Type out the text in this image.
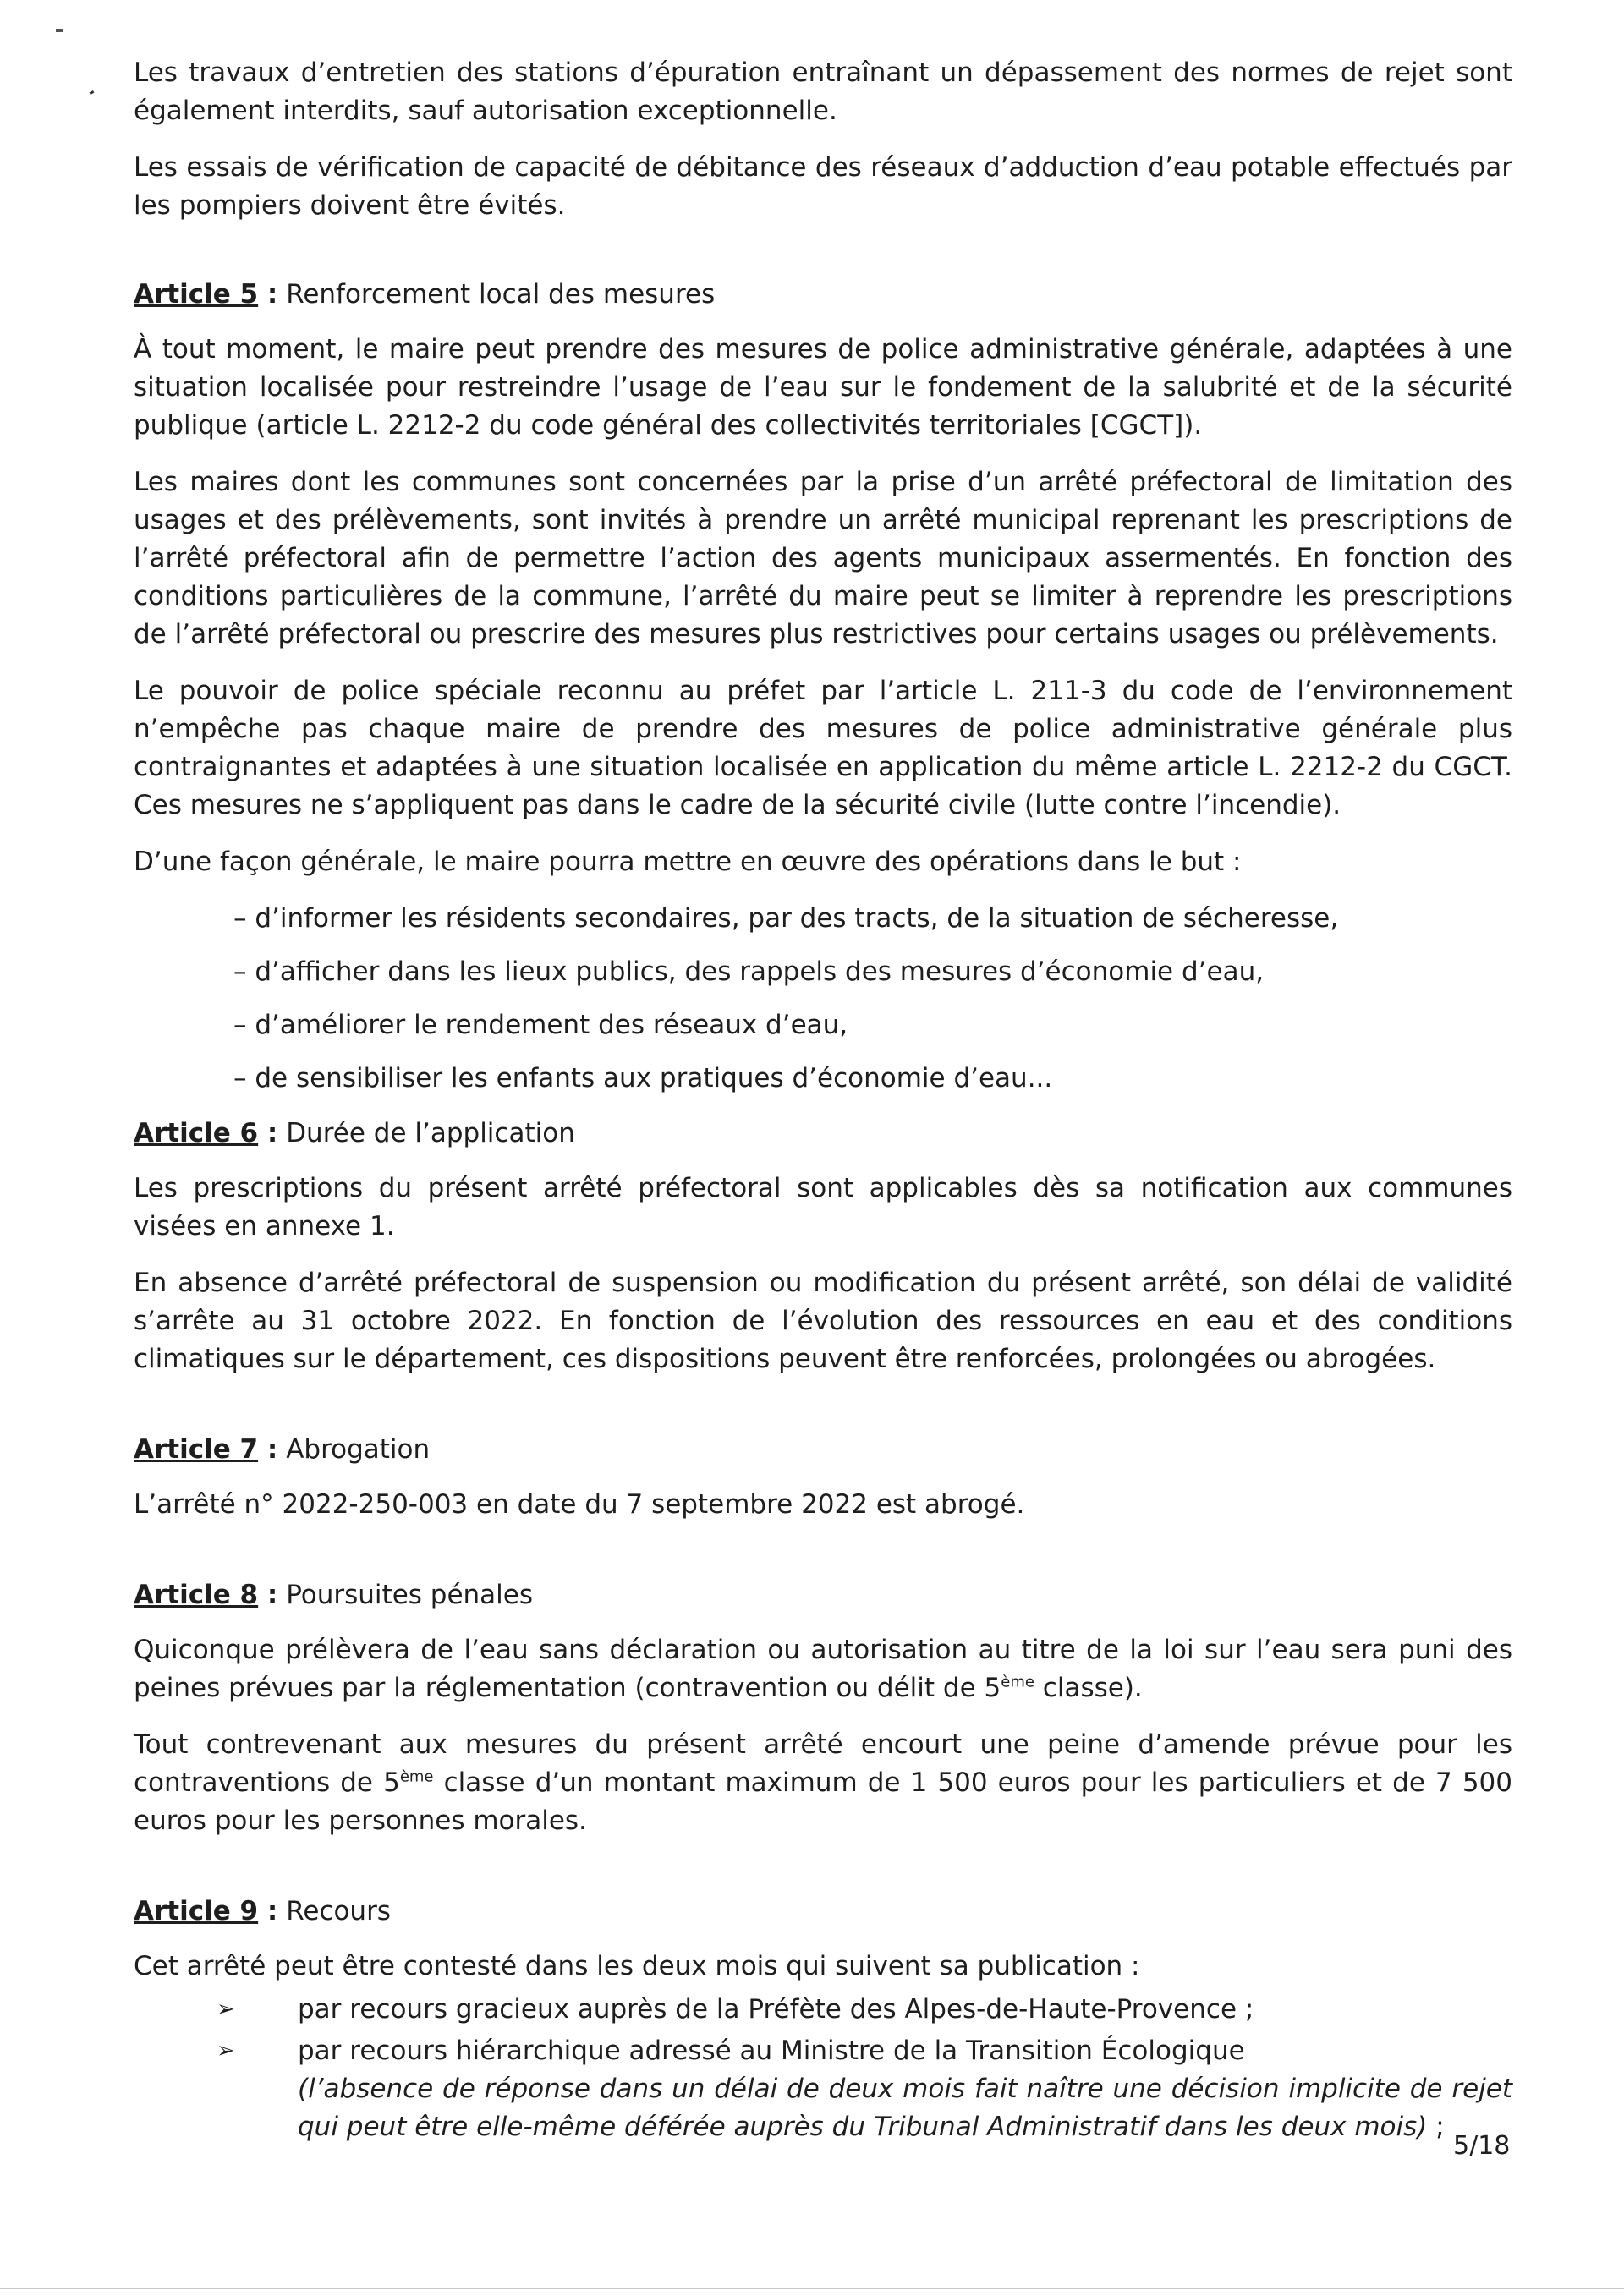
Les travaux d’entretien des stations d’épuration entraînant un dépassement des normes de rejet sont également interdits, sauf autorisation exceptionnelle.

Les essais de vérification de capacité de débitance des réseaux d’adduction d’eau potable effectués par les pompiers doivent être évités.

Article 5 : Renforcement local des mesures

À tout moment, le maire peut prendre des mesures de police administrative générale, adaptées à une situation localisée pour restreindre l’usage de l’eau sur le fondement de la salubrité et de la sécurité publique (article L. 2212-2 du code général des collectivités territoriales [CGCT]).

Les maires dont les communes sont concernées par la prise d’un arrêté préfectoral de limitation des usages et des prélèvements, sont invités à prendre un arrêté municipal reprenant les prescriptions de l’arrêté préfectoral afin de permettre l’action des agents municipaux assermentés. En fonction des conditions particulières de la commune, l’arrêté du maire peut se limiter à reprendre les prescriptions de l’arrêté préfectoral ou prescrire des mesures plus restrictives pour certains usages ou prélèvements.

Le pouvoir de police spéciale reconnu au préfet par l’article L. 211-3 du code de l’environnement n’empêche pas chaque maire de prendre des mesures de police administrative générale plus contraignantes et adaptées à une situation localisée en application du même article L. 2212-2 du CGCT. Ces mesures ne s’appliquent pas dans le cadre de la sécurité civile (lutte contre l’incendie).

D’une façon générale, le maire pourra mettre en œuvre des opérations dans le but :

– d’informer les résidents secondaires, par des tracts, de la situation de sécheresse,
– d’afficher dans les lieux publics, des rappels des mesures d’économie d’eau,
– d’améliorer le rendement des réseaux d’eau,
– de sensibiliser les enfants aux pratiques d’économie d’eau...
Article 6 : Durée de l’application

Les prescriptions du présent arrêté préfectoral sont applicables dès sa notification aux communes visées en annexe 1.

En absence d’arrêté préfectoral de suspension ou modification du présent arrêté, son délai de validité s’arrête au 31 octobre 2022. En fonction de l’évolution des ressources en eau et des conditions climatiques sur le département, ces dispositions peuvent être renforcées, prolongées ou abrogées.

Article 7 : Abrogation

L’arrêté n° 2022-250-003 en date du 7 septembre 2022 est abrogé.

Article 8 : Poursuites pénales

Quiconque prélèvera de l’eau sans déclaration ou autorisation au titre de la loi sur l’eau sera puni des peines prévues par la réglementation (contravention ou délit de 5ème classe).

Tout contrevenant aux mesures du présent arrêté encourt une peine d’amende prévue pour les contraventions de 5ème classe d’un montant maximum de 1 500 euros pour les particuliers et de 7 500 euros pour les personnes morales.

Article 9 : Recours

Cet arrêté peut être contesté dans les deux mois qui suivent sa publication :

➢ par recours gracieux auprès de la Préfète des Alpes-de-Haute-Provence ;
➢ par recours hiérarchique adressé au Ministre de la Transition Écologique
(l’absence de réponse dans un délai de deux mois fait naître une décision implicite de rejet qui peut être elle-même déférée auprès du Tribunal Administratif dans les deux mois) ;
5/18
